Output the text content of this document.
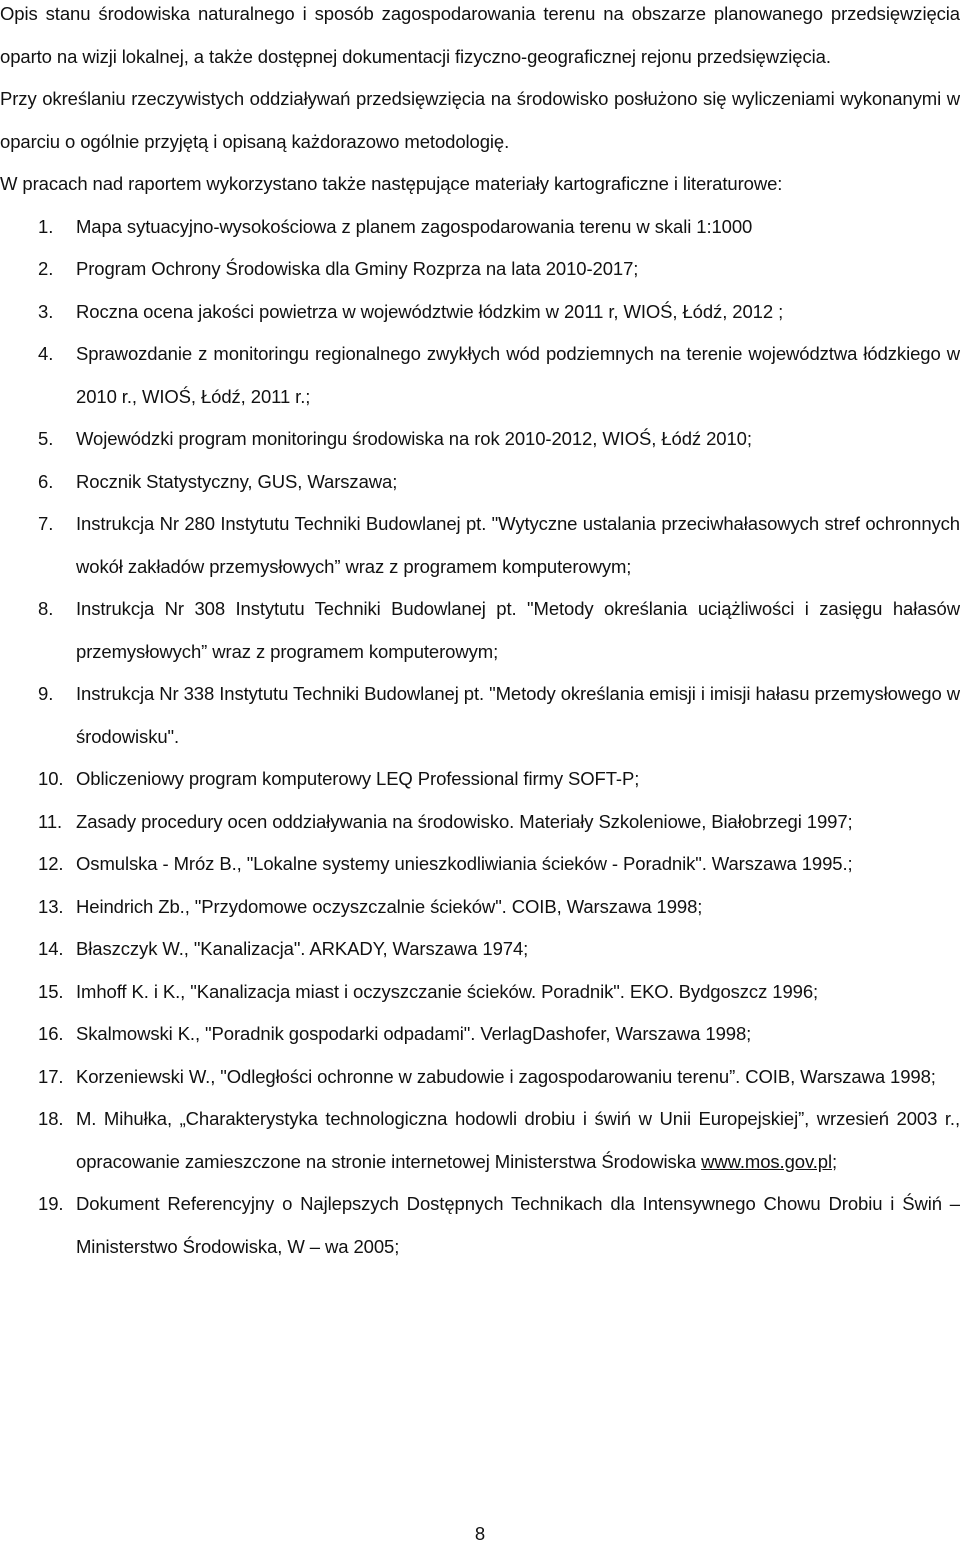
Opis stanu środowiska naturalnego i sposób zagospodarowania terenu na obszarze planowanego przedsięwzięcia oparto na wizji lokalnej, a także dostępnej dokumentacji fizyczno-geograficznej rejonu przedsięwzięcia.
Przy określaniu rzeczywistych oddziaływań przedsięwzięcia na środowisko posłużono się wyliczeniami wykonanymi w oparciu o ogólnie przyjętą i opisaną każdorazowo metodologię.
W pracach nad raportem wykorzystano także następujące materiały kartograficzne i literaturowe:
1. Mapa sytuacyjno-wysokościowa z planem zagospodarowania terenu w skali 1:1000
2. Program Ochrony Środowiska dla Gminy Rozprza na lata 2010-2017;
3. Roczna ocena jakości powietrza w województwie łódzkim w 2011 r, WIOŚ, Łódź, 2012 ;
4. Sprawozdanie z monitoringu regionalnego zwykłych wód podziemnych na terenie województwa łódzkiego w 2010 r., WIOŚ, Łódź, 2011 r.;
5. Wojewódzki program monitoringu środowiska na rok 2010-2012, WIOŚ, Łódź 2010;
6. Rocznik Statystyczny, GUS, Warszawa;
7. Instrukcja Nr 280 Instytutu Techniki Budowlanej pt. "Wytyczne ustalania przeciwhałasowych stref ochronnych wokół zakładów przemysłowych” wraz z programem komputerowym;
8. Instrukcja Nr 308 Instytutu Techniki Budowlanej pt. "Metody określania uciążliwości i zasięgu hałasów przemysłowych” wraz z programem komputerowym;
9. Instrukcja Nr 338 Instytutu Techniki Budowlanej pt. "Metody określania emisji i imisji hałasu przemysłowego w środowisku".
10. Obliczeniowy program komputerowy LEQ Professional firmy SOFT-P;
11. Zasady procedury ocen oddziaływania na środowisko. Materiały Szkoleniowe, Białobrzegi 1997;
12. Osmulska - Mróz B., "Lokalne systemy unieszkodliwiania ścieków - Poradnik". Warszawa 1995.;
13. Heindrich Zb., "Przydomowe oczyszczalnie ścieków". COIB, Warszawa 1998;
14. Błaszczyk W., "Kanalizacja". ARKADY, Warszawa 1974;
15. Imhoff K. i K., "Kanalizacja miast i oczyszczanie ścieków. Poradnik". EKO. Bydgoszcz 1996;
16. Skalmowski K., "Poradnik gospodarki odpadami". VerlagDashofer, Warszawa 1998;
17. Korzeniewski W., "Odległości ochronne w zabudowie i zagospodarowaniu terenu”. COIB, Warszawa 1998;
18. M. Mihułka, „Charakterystyka technologiczna hodowli drobiu i świń w Unii Europejskiej”, wrzesień 2003 r., opracowanie zamieszczone na stronie internetowej Ministerstwa Środowiska www.mos.gov.pl;
19. Dokument Referencyjny o Najlepszych Dostępnych Technikach dla Intensywnego Chowu Drobiu i Świń – Ministerstwo Środowiska, W – wa 2005;
8
